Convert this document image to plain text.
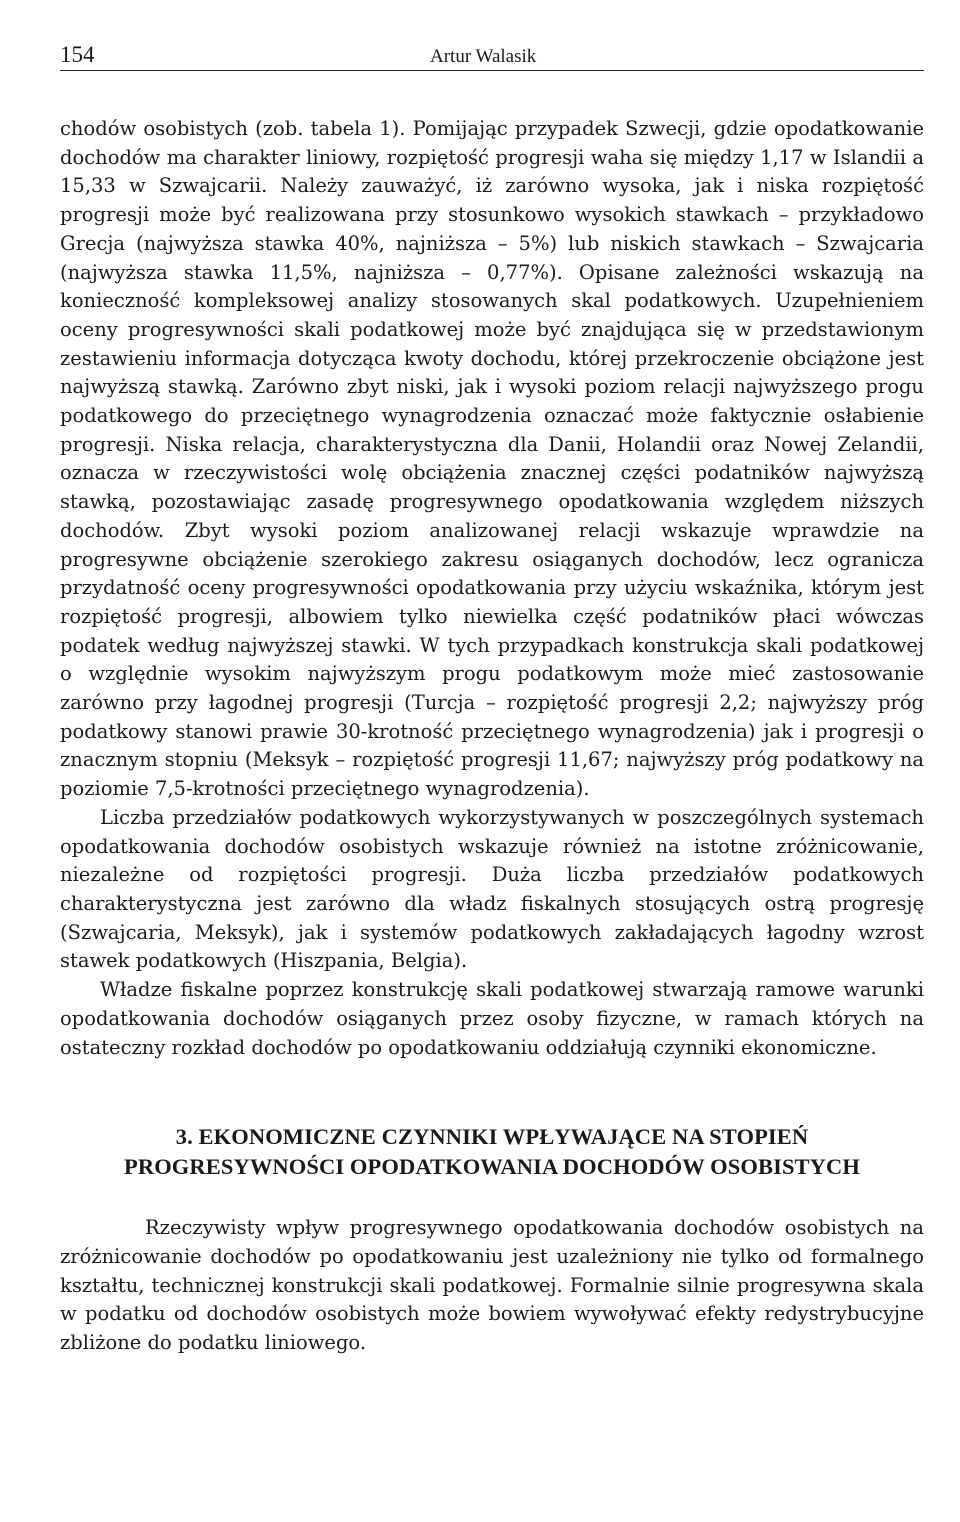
154	Artur Walasik

chodów osobistych (zob. tabela 1). Pomijając przypadek Szwecji, gdzie opodatkowanie dochodów ma charakter liniowy, rozpiętość progresji waha się między 1,17 w Islandii a 15,33 w Szwajcarii. Należy zauważyć, iż zarówno wysoka, jak i niska rozpiętość progresji może być realizowana przy stosunkowo wysokich stawkach – przykładowo Grecja (najwyższa stawka 40%, najniższa – 5%) lub niskich stawkach – Szwajcaria (najwyższa stawka 11,5%, najniższa – 0,77%). Opisane zależności wskazują na konieczność kompleksowej analizy stosowanych skal podatkowych. Uzupełnieniem oceny progresywności skali podatkowej może być znajdująca się w przedstawionym zestawieniu informacja dotycząca kwoty dochodu, której przekroczenie obciążone jest najwyższą stawką. Zarówno zbyt niski, jak i wysoki poziom relacji najwyższego progu podatkowego do przeciętnego wynagrodzenia oznaczać może faktycznie osłabienie progresji. Niska relacja, charakterystyczna dla Danii, Holandii oraz Nowej Zelandii, oznacza w rzeczywistości wolę obciążenia znacznej części podatników najwyższą stawką, pozostawiając zasadę progresywnego opodatkowania względem niższych dochodów. Zbyt wysoki poziom analizowanej relacji wskazuje wprawdzie na progresywne obciążenie szerokiego zakresu osiąganych dochodów, lecz ogranicza przydatność oceny progresywności opodatkowania przy użyciu wskaźnika, którym jest rozpiętość progresji, albowiem tylko niewielka część podatników płaci wówczas podatek według najwyższej stawki. W tych przypadkach konstrukcja skali podatkowej o względnie wysokim najwyższym progu podatkowym może mieć zastosowanie zarówno przy łagodnej progresji (Turcja – rozpiętość progresji 2,2; najwyższy próg podatkowy stanowi prawie 30-krotność przeciętnego wynagrodzenia) jak i progresji o znacznym stopniu (Meksyk – rozpiętość progresji 11,67; najwyższy próg podatkowy na poziomie 7,5-krotności przeciętnego wynagrodzenia).

Liczba przedziałów podatkowych wykorzystywanych w poszczególnych systemach opodatkowania dochodów osobistych wskazuje również na istotne zróżnicowanie, niezależne od rozpiętości progresji. Duża liczba przedziałów podatkowych charakterystyczna jest zarówno dla władz fiskalnych stosujących ostrą progresję (Szwajcaria, Meksyk), jak i systemów podatkowych zakładających łagodny wzrost stawek podatkowych (Hiszpania, Belgia).

Władze fiskalne poprzez konstrukcję skali podatkowej stwarzają ramowe warunki opodatkowania dochodów osiąganych przez osoby fizyczne, w ramach których na ostateczny rozkład dochodów po opodatkowaniu oddziałują czynniki ekonomiczne.

3. EKONOMICZNE CZYNNIKI WPŁYWAJĄCE NA STOPIEŃ
PROGRESYWNOŚCI OPODATKOWANIA DOCHODÓW OSOBISTYCH

Rzeczywisty wpływ progresywnego opodatkowania dochodów osobistych na zróżnicowanie dochodów po opodatkowaniu jest uzależniony nie tylko od formalnego kształtu, technicznej konstrukcji skali podatkowej. Formalnie silnie progresywna skala w podatku od dochodów osobistych może bowiem wywoływać efekty redystrybucyjne zbliżone do podatku liniowego.
